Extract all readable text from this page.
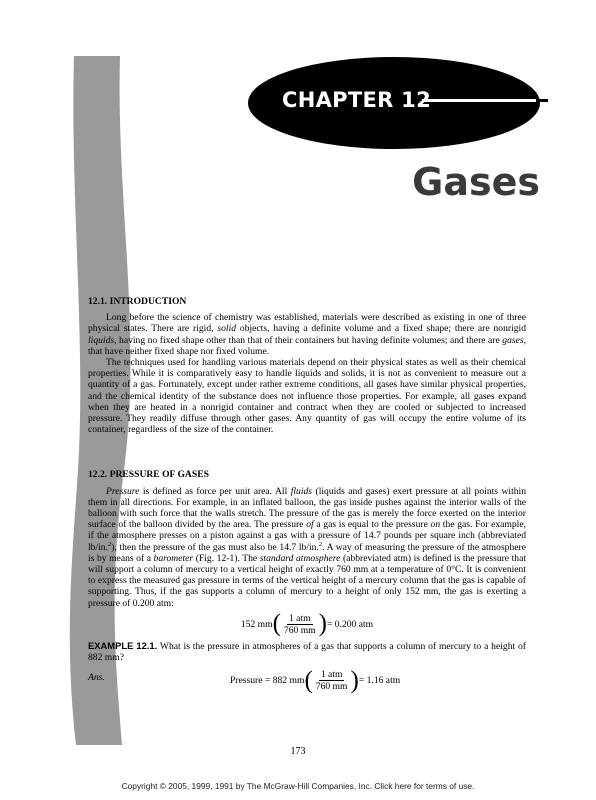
CHAPTER 12
Gases
12.1. INTRODUCTION

Long before the science of chemistry was established, materials were described as existing in one of three physical states. There are rigid, solid objects, having a definite volume and a fixed shape; there are nonrigid liquids, having no fixed shape other than that of their containers but having definite volumes; and there are gases, that have neither fixed shape nor fixed volume.

The techniques used for handling various materials depend on their physical states as well as their chemical properties. While it is comparatively easy to handle liquids and solids, it is not as convenient to measure out a quantity of a gas. Fortunately, except under rather extreme conditions, all gases have similar physical properties, and the chemical identity of the substance does not influence those properties. For example, all gases expand when they are heated in a nonrigid container and contract when they are cooled or subjected to increased pressure. They readily diffuse through other gases. Any quantity of gas will occupy the entire volume of its container, regardless of the size of the container.

12.2. PRESSURE OF GASES

Pressure is defined as force per unit area. All fluids (liquids and gases) exert pressure at all points within them in all directions. For example, in an inflated balloon, the gas inside pushes against the interior walls of the balloon with such force that the walls stretch. The pressure of the gas is merely the force exerted on the interior surface of the balloon divided by the area. The pressure of a gas is equal to the pressure on the gas. For example, if the atmosphere presses on a piston against a gas with a pressure of 14.7 pounds per square inch (abbreviated lb/in.$^2$), then the pressure of the gas must also be 14.7 lb/in.$^2$. A way of measuring the pressure of the atmosphere is by means of a barometer (Fig. 12-1). The standard atmosphere (abbreviated atm) is defined is the pressure that will support a column of mercury to a vertical height of exactly 760 mm at a temperature of 0°C. It is convenient to express the measured gas pressure in terms of the vertical height of a mercury column that the gas is capable of supporting. Thus, if the gas supports a column of mercury to a height of only 152 mm, the gas is exerting a pressure of 0.200 atm:

152 mm ( $\frac{\text{1 atm}}{760 mm}$ ) = 0.200 atm
EXAMPLE 12.1. What is the pressure in atmospheres of a gas that supports a column of mercury to a height of 882 mm?
Ans.	Pressure = 882 mm ( $\frac{\text{1 atm}}{760 mm}$ ) = 1.16 atm
173
Copyright © 2005, 1999, 1991 by The McGraw-Hill Companies, Inc. Click here for terms of use.
